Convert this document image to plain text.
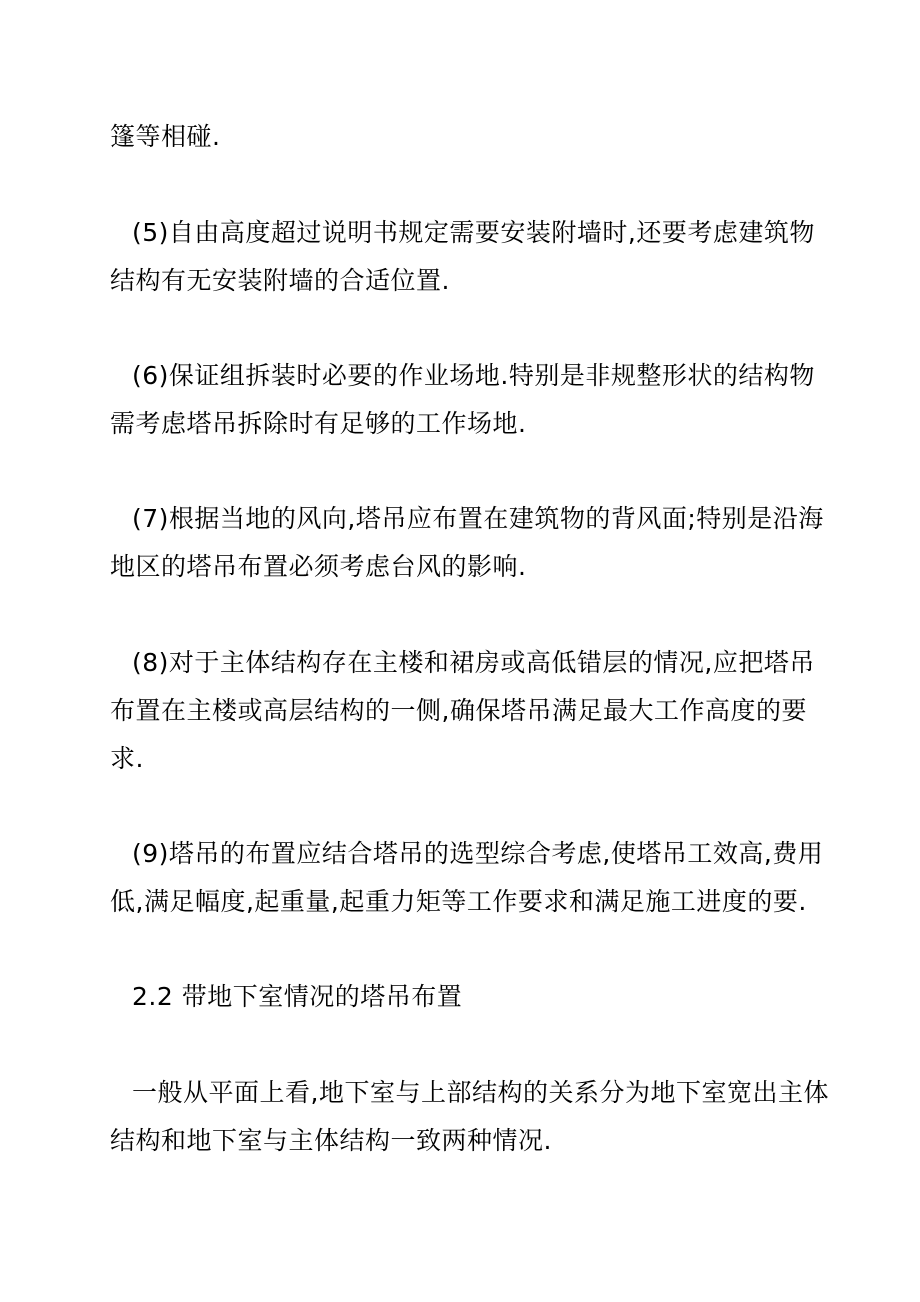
篷等相碰.

(5)自由高度超过说明书规定需要安装附墙时,还要考虑建筑物
结构有无安装附墙的合适位置.

(6)保证组拆装时必要的作业场地.特别是非规整形状的结构物
需考虑塔吊拆除时有足够的工作场地.

(7)根据当地的风向,塔吊应布置在建筑物的背风面;特别是沿海
地区的塔吊布置必须考虑台风的影响.

(8)对于主体结构存在主楼和裙房或高低错层的情况,应把塔吊
布置在主楼或高层结构的一侧,确保塔吊满足最大工作高度的要
求.

(9)塔吊的布置应结合塔吊的选型综合考虑,使塔吊工效高,费用
低,满足幅度,起重量,起重力矩等工作要求和满足施工进度的要.

2.2 带地下室情况的塔吊布置

一般从平面上看,地下室与上部结构的关系分为地下室宽出主体
结构和地下室与主体结构一致两种情况.
